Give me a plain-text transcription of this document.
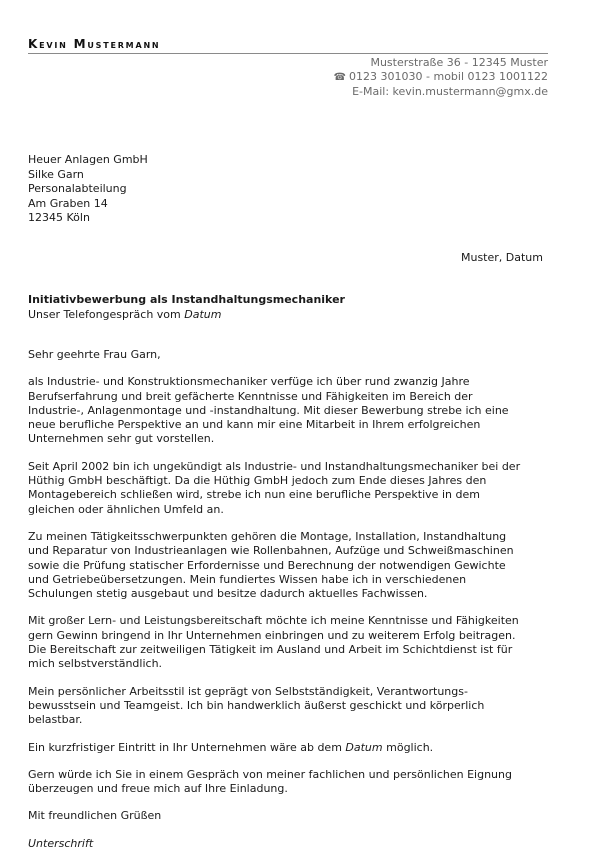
Kevin Mustermann
Musterstraße 36 - 12345 Muster
☎ 0123 301030 - mobil 0123 1001122
E-Mail: kevin.mustermann@gmx.de
Heuer Anlagen GmbH
Silke Garn
Personalabteilung
Am Graben 14
12345 Köln
Muster, Datum
Initiativbewerbung als Instandhaltungsmechaniker
Unser Telefongespräch vom Datum

Sehr geehrte Frau Garn,

als Industrie- und Konstruktionsmechaniker verfüge ich über rund zwanzig Jahre
Berufserfahrung und breit gefächerte Kenntnisse und Fähigkeiten im Bereich der
Industrie-, Anlagenmontage und -instandhaltung. Mit dieser Bewerbung strebe ich eine
neue berufliche Perspektive an und kann mir eine Mitarbeit in Ihrem erfolgreichen
Unternehmen sehr gut vorstellen.

Seit April 2002 bin ich ungekündigt als Industrie- und Instandhaltungsmechaniker bei der
Hüthig GmbH beschäftigt. Da die Hüthig GmbH jedoch zum Ende dieses Jahres den
Montagebereich schließen wird, strebe ich nun eine berufliche Perspektive in dem
gleichen oder ähnlichen Umfeld an.

Zu meinen Tätigkeitsschwerpunkten gehören die Montage, Installation, Instandhaltung
und Reparatur von Industrieanlagen wie Rollenbahnen, Aufzüge und Schweißmaschinen
sowie die Prüfung statischer Erfordernisse und Berechnung der notwendigen Gewichte
und Getriebeübersetzungen. Mein fundiertes Wissen habe ich in verschiedenen
Schulungen stetig ausgebaut und besitze dadurch aktuelles Fachwissen.

Mit großer Lern- und Leistungsbereitschaft möchte ich meine Kenntnisse und Fähigkeiten
gern Gewinn bringend in Ihr Unternehmen einbringen und zu weiterem Erfolg beitragen.
Die Bereitschaft zur zeitweiligen Tätigkeit im Ausland und Arbeit im Schichtdienst ist für
mich selbstverständlich.

Mein persönlicher Arbeitsstil ist geprägt von Selbstständigkeit, Verantwortungs-
bewusstsein und Teamgeist. Ich bin handwerklich äußerst geschickt und körperlich
belastbar.

Ein kurzfristiger Eintritt in Ihr Unternehmen wäre ab dem Datum möglich.

Gern würde ich Sie in einem Gespräch von meiner fachlichen und persönlichen Eignung
überzeugen und freue mich auf Ihre Einladung.

Mit freundlichen Grüßen

Unterschrift
